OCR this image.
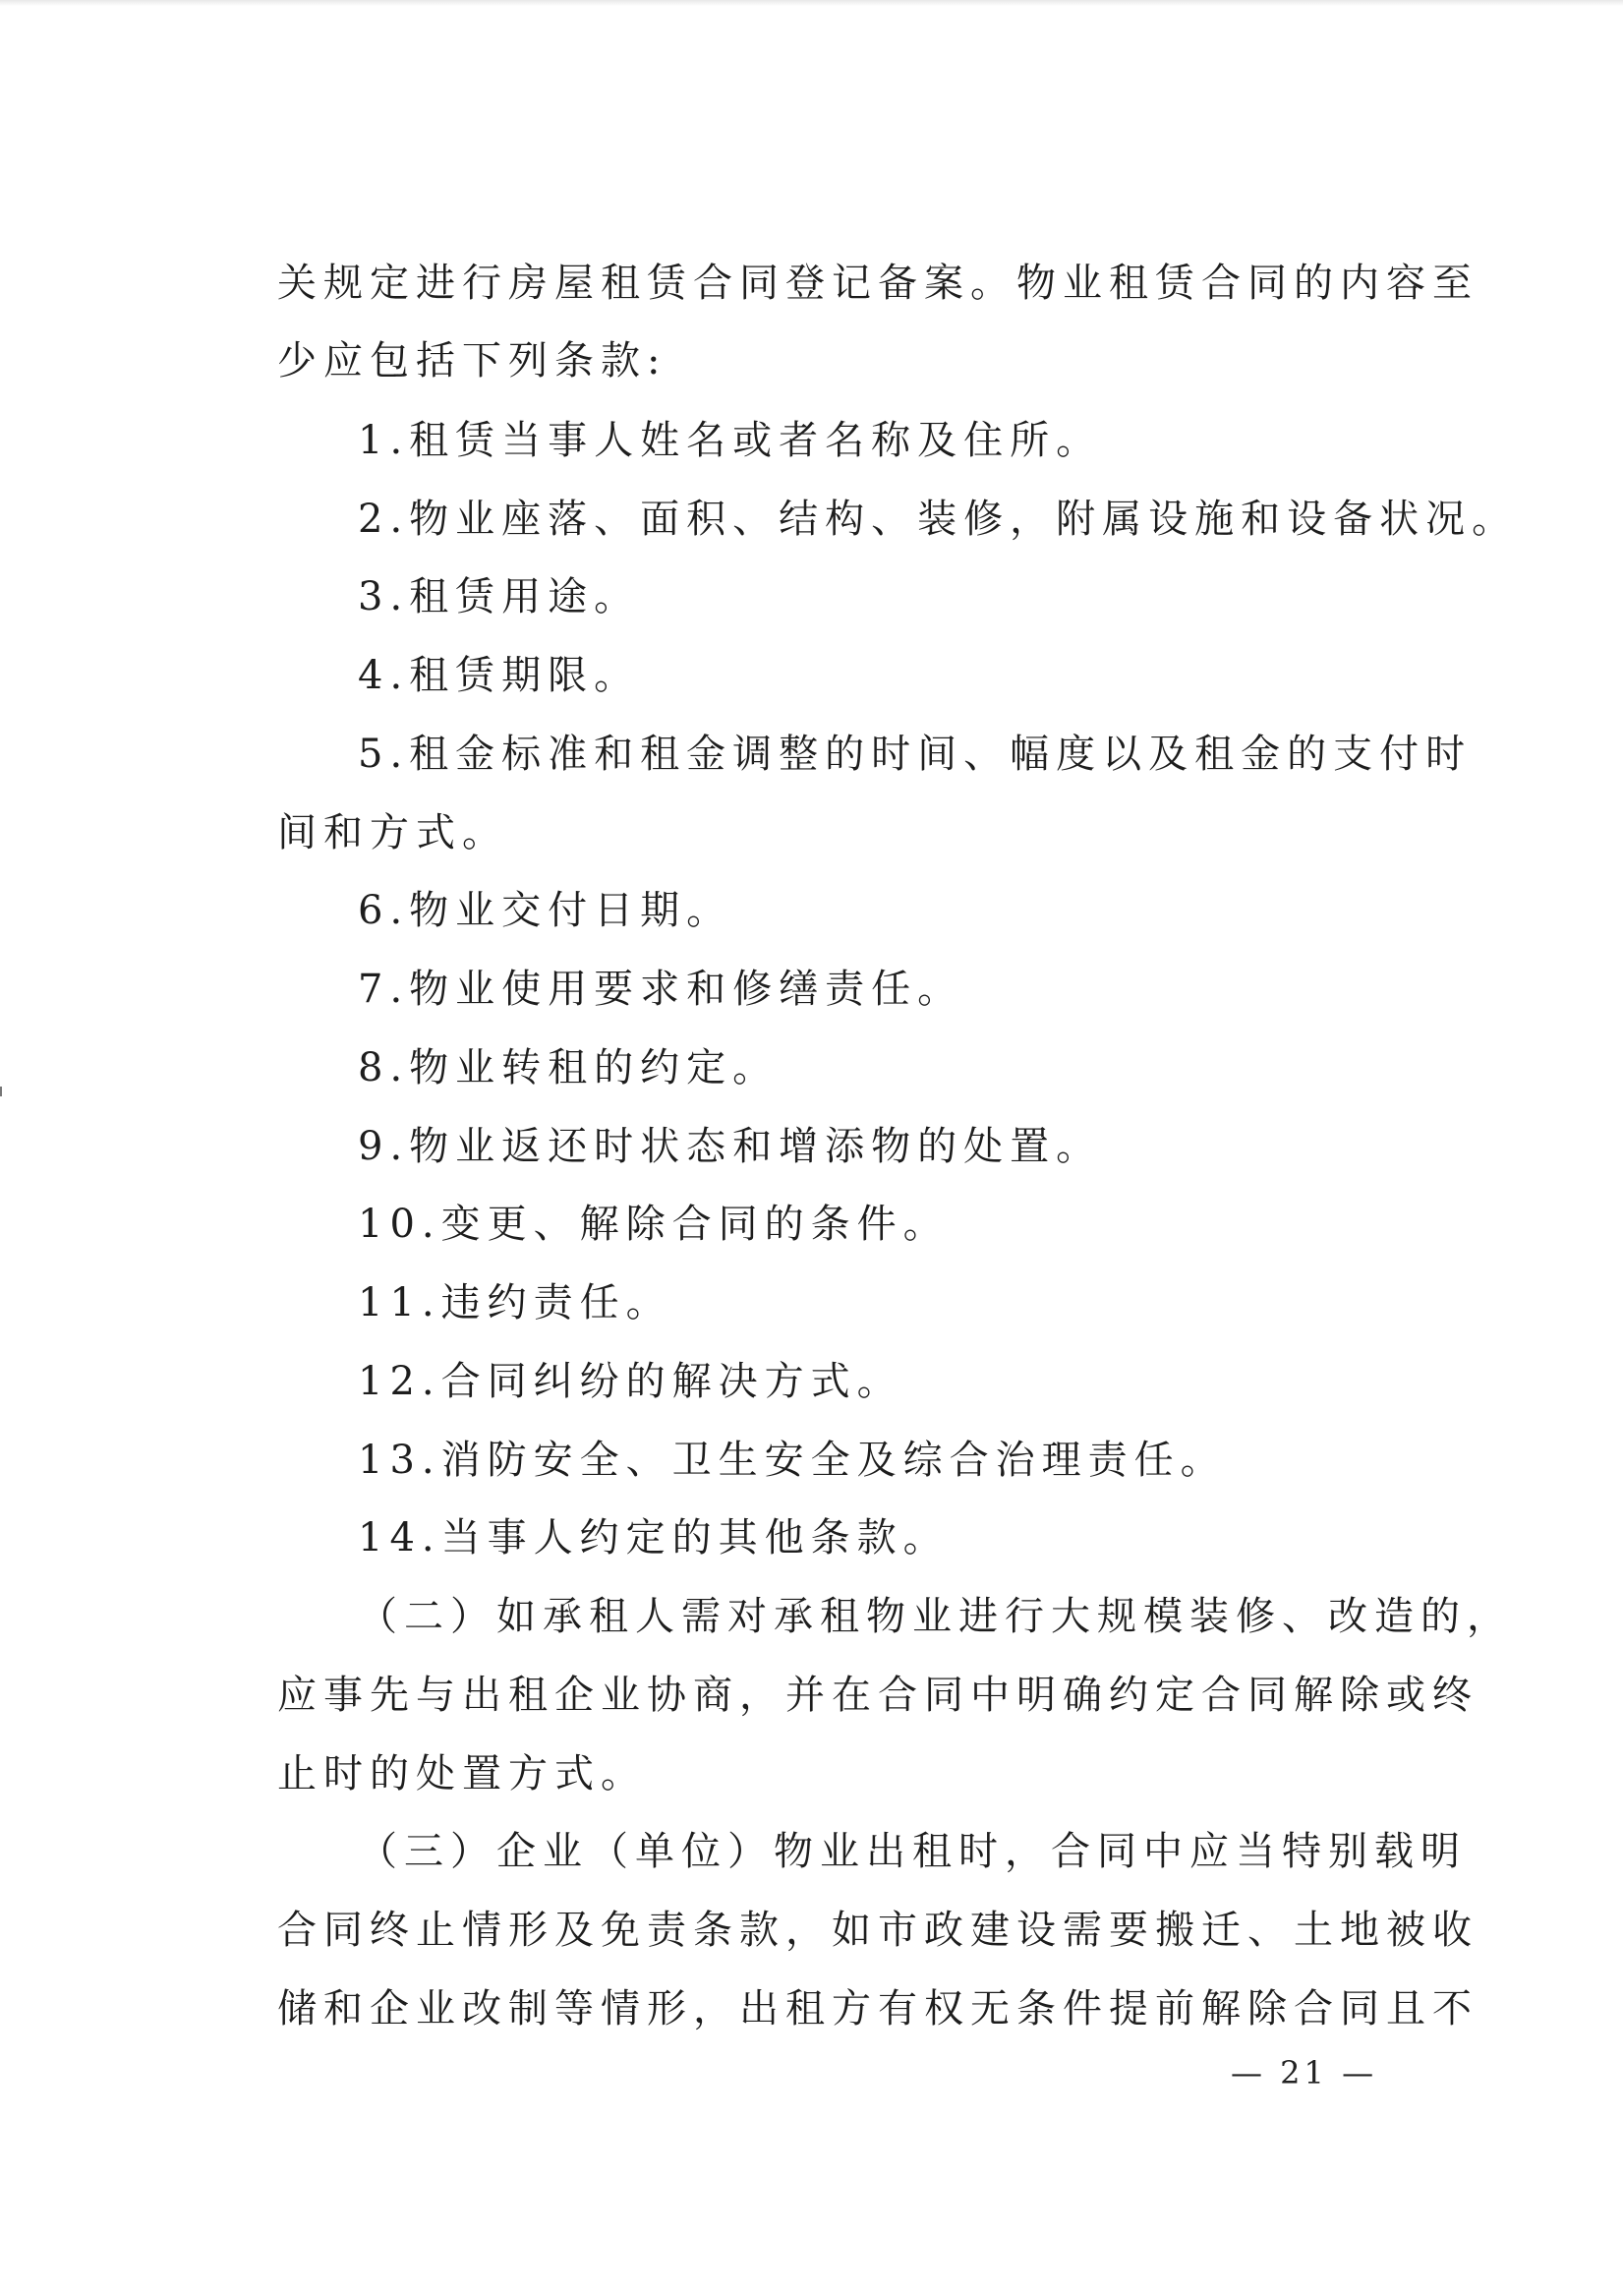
关规定进行房屋租赁合同登记备案。物业租赁合同的内容至
少应包括下列条款:
1.租赁当事人姓名或者名称及住所。
2.物业座落、面积、结构、装修，附属设施和设备状况。
3.租赁用途。
4.租赁期限。
5.租金标准和租金调整的时间、幅度以及租金的支付时
间和方式。
6.物业交付日期。
7.物业使用要求和修缮责任。
8.物业转租的约定。
9.物业返还时状态和增添物的处置。
10.变更、解除合同的条件。
11.违约责任。
12.合同纠纷的解决方式。
13.消防安全、卫生安全及综合治理责任。
14.当事人约定的其他条款。
（二）如承租人需对承租物业进行大规模装修、改造的，
应事先与出租企业协商，并在合同中明确约定合同解除或终
止时的处置方式。
（三）企业（单位）物业出租时，合同中应当特别载明
合同终止情形及免责条款，如市政建设需要搬迁、土地被收
储和企业改制等情形，出租方有权无条件提前解除合同且不
— 21 —
